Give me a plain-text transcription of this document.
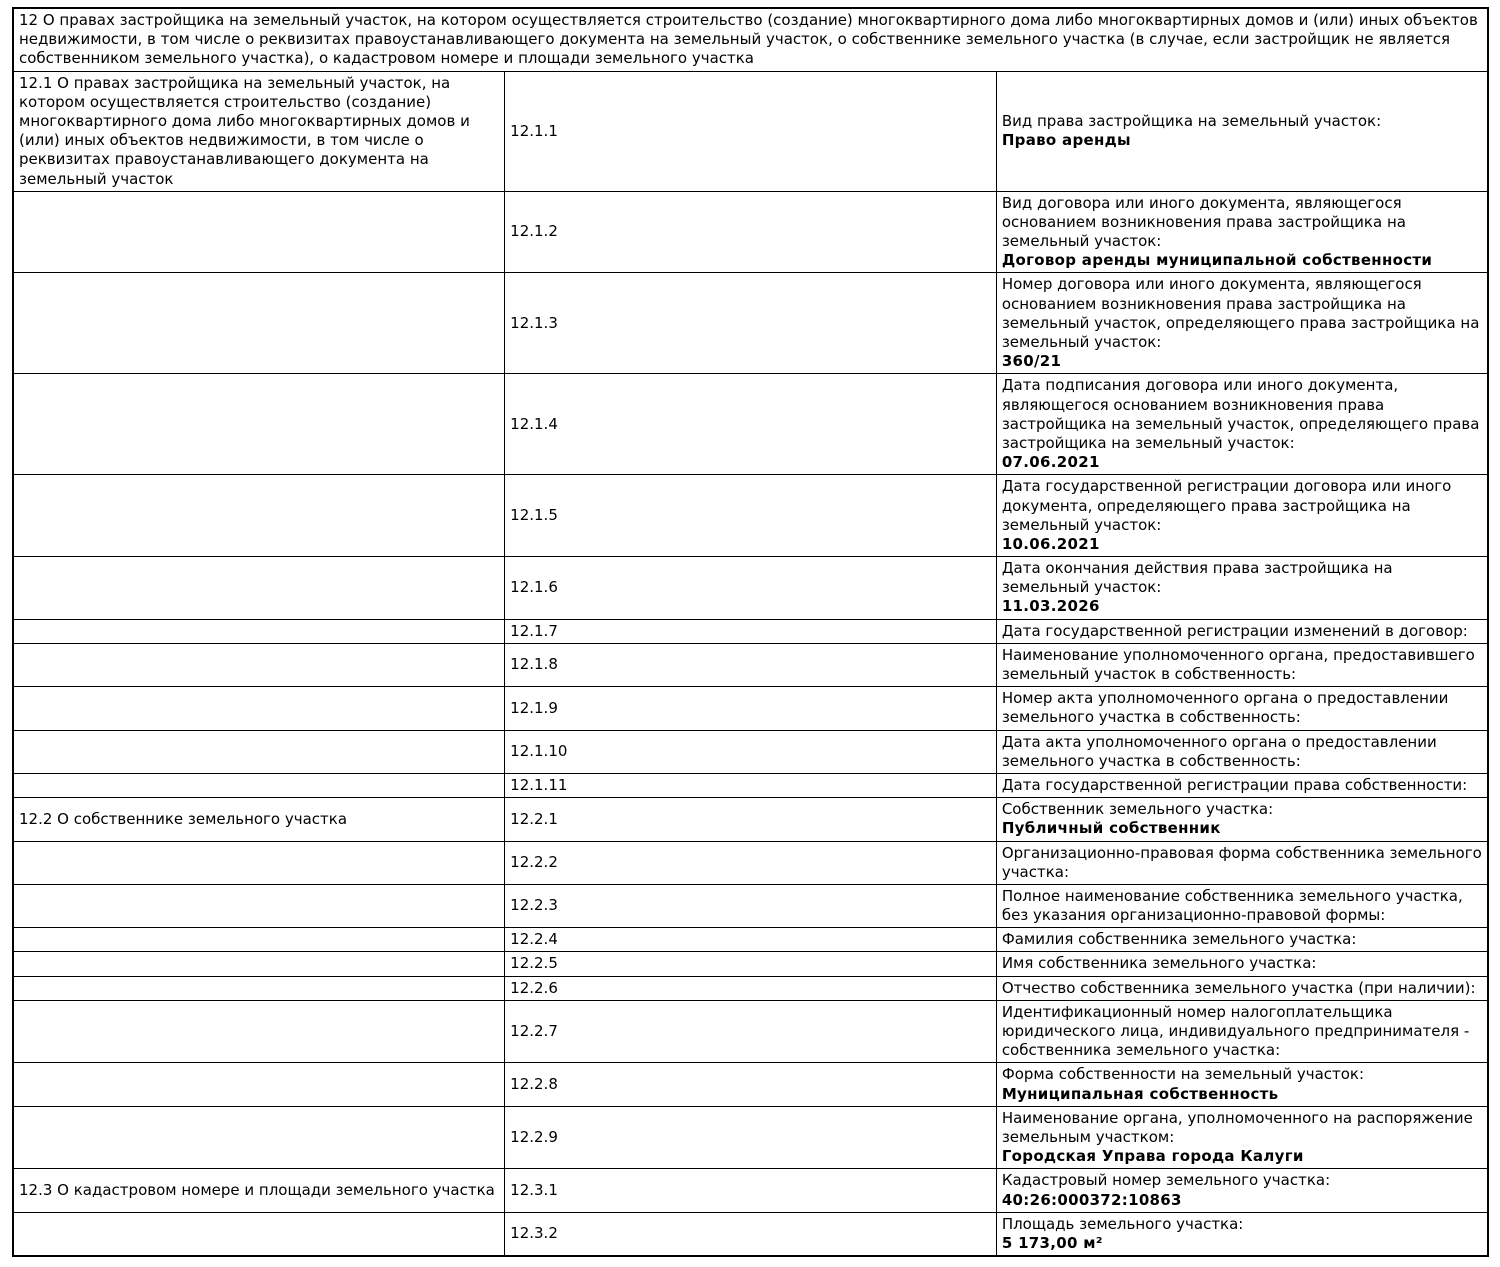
12 О правах застройщика на земельный участок, на котором осуществляется строительство (создание) многоквартирного дома либо многоквартирных домов и (или) иных объектов недвижимости, в том числе о реквизитах правоустанавливающего документа на земельный участок, о собственнике земельного участка (в случае, если застройщик не является собственником земельного участка), о кадастровом номере и площади земельного участка		
12.1 О правах застройщика на земельный участок, на котором осуществляется строительство (создание) многоквартирного дома либо многоквартирных домов и (или) иных объектов недвижимости, в том числе о реквизитах правоустанавливающего документа на земельный участок	12.1.1	Вид права застройщика на земельный участок:
Право аренды

	12.1.2	Вид договора или иного документа, являющегося основанием возникновения права застройщика на земельный участок:
Договор аренды муниципальной собственности

	12.1.3	Номер договора или иного документа, являющегося основанием возникновения права застройщика на земельный участок, определяющего права застройщика на земельный участок:
360/21

	12.1.4	Дата подписания договора или иного документа, являющегося основанием возникновения права застройщика на земельный участок, определяющего права застройщика на земельный участок:
07.06.2021

	12.1.5	Дата государственной регистрации договора или иного документа, определяющего права застройщика на земельный участок:
10.06.2021

	12.1.6	Дата окончания действия права застройщика на земельный участок:
11.03.2026

	12.1.7	Дата государственной регистрации изменений в договор:

	12.1.8	Наименование уполномоченного органа, предоставившего земельный участок в собственность:

	12.1.9	Номер акта уполномоченного органа о предоставлении земельного участка в собственность:

	12.1.10	Дата акта уполномоченного органа о предоставлении земельного участка в собственность:

	12.1.11	Дата государственной регистрации права собственности:

12.2 О собственнике земельного участка	12.2.1	Собственник земельного участка:
Публичный собственник

	12.2.2	Организационно-правовая форма собственника земельного участка:

	12.2.3	Полное наименование собственника земельного участка, без указания организационно-правовой формы:

	12.2.4	Фамилия собственника земельного участка:

	12.2.5	Имя собственника земельного участка:

	12.2.6	Отчество собственника земельного участка (при наличии):

	12.2.7	Идентификационный номер налогоплательщика юридического лица, индивидуального предпринимателя - собственника земельного участка:

	12.2.8	Форма собственности на земельный участок:
Муниципальная собственность

	12.2.9	Наименование органа, уполномоченного на распоряжение земельным участком:
Городская Управа города Калуги

12.3 О кадастровом номере и площади земельного участка	12.3.1	Кадастровый номер земельного участка:
40:26:000372:10863

	12.3.2	Площадь земельного участка:
5 173,00 м²
